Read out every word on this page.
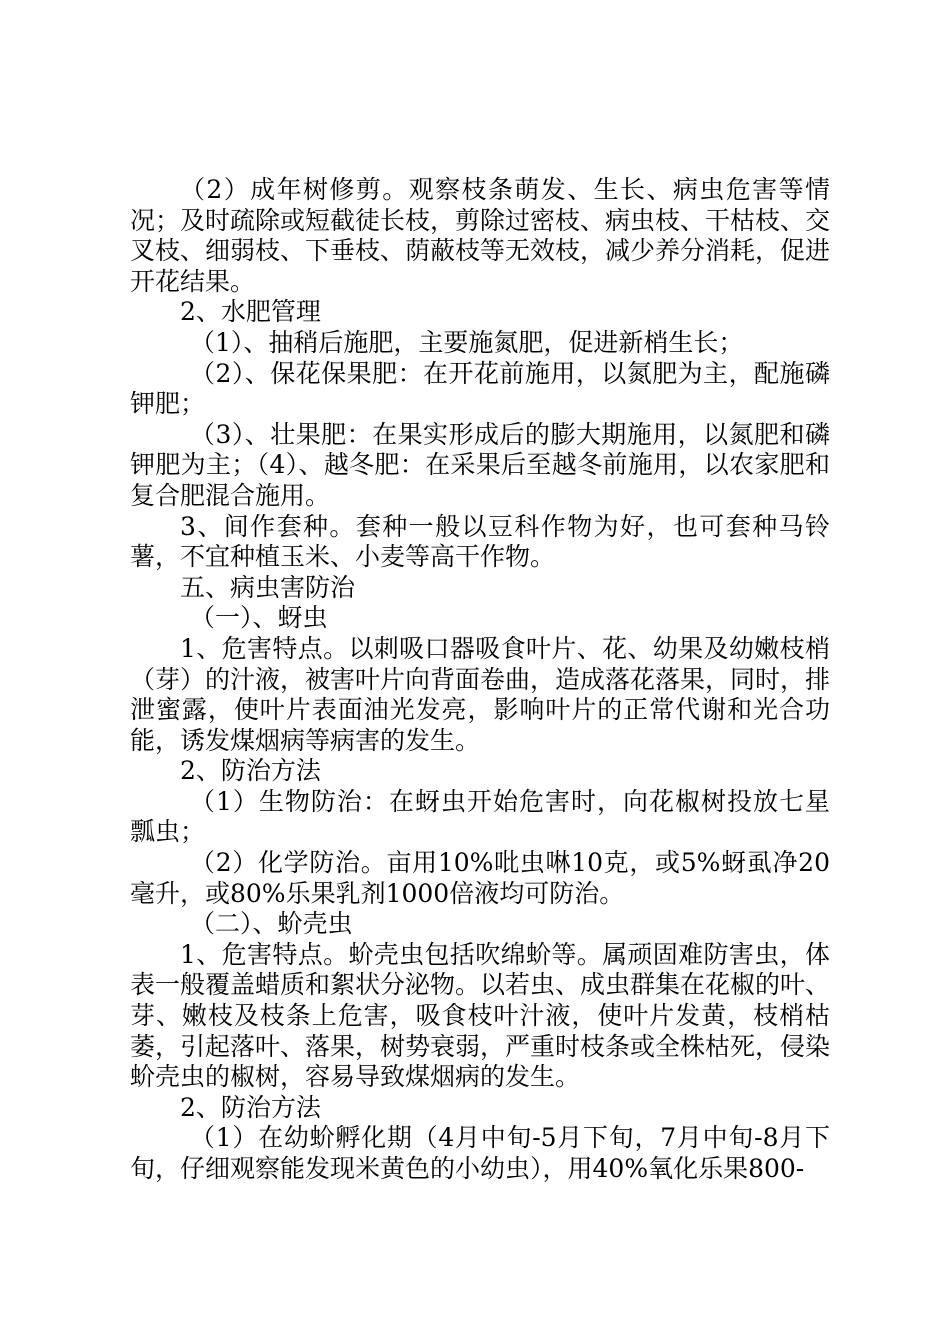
（2）成年树修剪。观察枝条萌发、生长、病虫危害等情况；及时疏除或短截徒长枝，剪除过密枝、病虫枝、干枯枝、交叉枝、细弱枝、下垂枝、荫蔽枝等无效枝，减少养分消耗，促进开花结果。

2、水肥管理

（1）、抽稍后施肥，主要施氮肥，促进新梢生长；

（2）、保花保果肥：在开花前施用，以氮肥为主，配施磷钾肥；

（3）、壮果肥：在果实形成后的膨大期施用，以氮肥和磷钾肥为主；（4）、越冬肥：在采果后至越冬前施用，以农家肥和复合肥混合施用。

3、间作套种。套种一般以豆科作物为好，也可套种马铃薯，不宜种植玉米、小麦等高干作物。

五、病虫害防治

（一）、蚜虫

1、危害特点。以刺吸口器吸食叶片、花、幼果及幼嫩枝梢（芽）的汁液，被害叶片向背面卷曲，造成落花落果，同时，排泄蜜露，使叶片表面油光发亮，影响叶片的正常代谢和光合功能，诱发煤烟病等病害的发生。

2、防治方法

（1）生物防治：在蚜虫开始危害时，向花椒树投放七星瓢虫；

（2）化学防治。亩用10%吡虫啉10克，或5%蚜虱净20毫升，或80%乐果乳剂1000倍液均可防治。

（二）、蚧壳虫

1、危害特点。蚧壳虫包括吹绵蚧等。属顽固难防害虫，体表一般覆盖蜡质和絮状分泌物。以若虫、成虫群集在花椒的叶、芽、嫩枝及枝条上危害，吸食枝叶汁液，使叶片发黄，枝梢枯萎，引起落叶、落果，树势衰弱，严重时枝条或全株枯死，侵染蚧壳虫的椒树，容易导致煤烟病的发生。

2、防治方法

（1）在幼蚧孵化期（4月中旬-5月下旬，7月中旬-8月下旬，仔细观察能发现米黄色的小幼虫），用40%氧化乐果800-
